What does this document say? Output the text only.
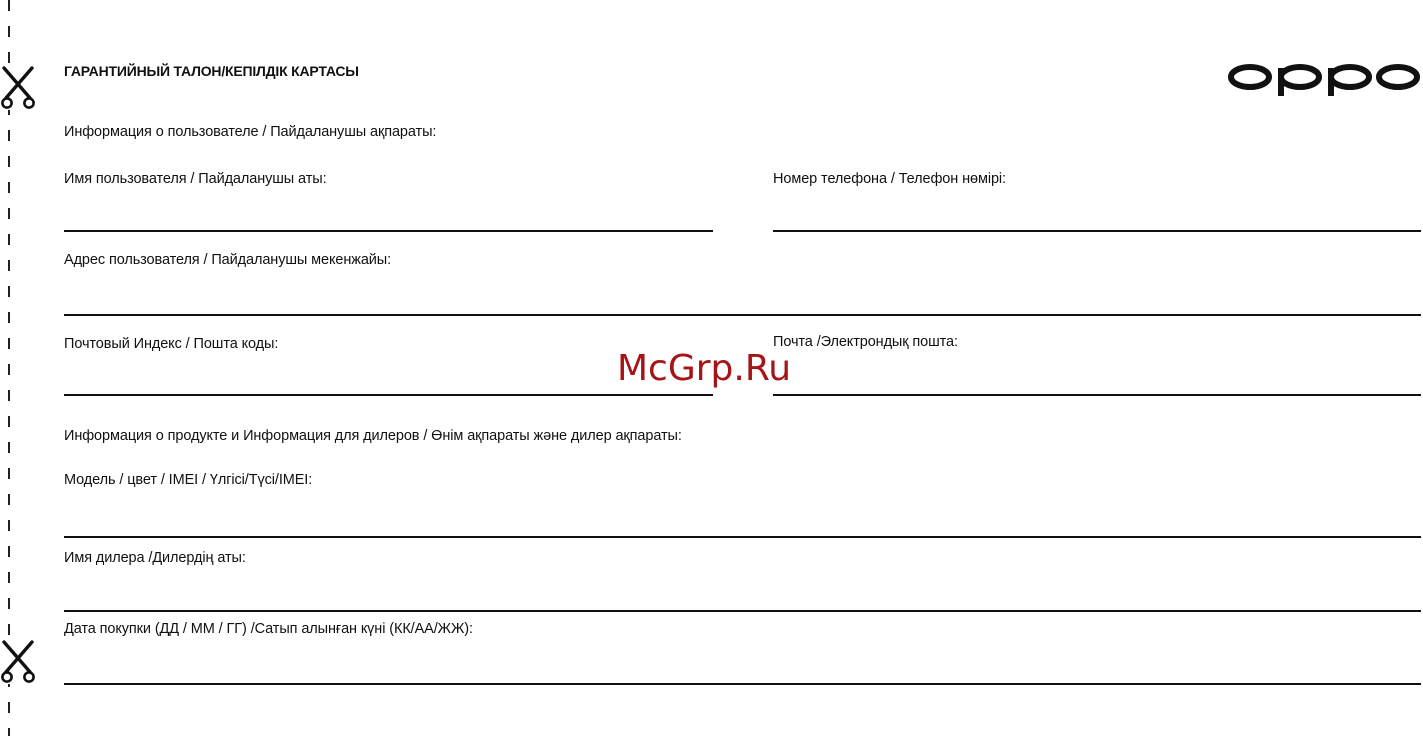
ГАРАНТИЙНЫЙ ТАЛОН/КЕПІЛДІК КАРТАСЫ
oppo
Информация о пользователе / Пайдаланушы ақпараты:
Имя пользователя / Пайдаланушы аты:	Номер телефона / Телефон нөмірі:
Адрес пользователя / Пайдаланушы мекенжайы:
Почтовый Индекс / Пошта коды:	Почта /Электрондық пошта:
Информация о продукте и Информация для дилеров / Өнім ақпараты және дилер ақпараты:
Модель / цвет / IMEI / Үлгісі/Түсі/IMEI:
Имя дилера /Дилердің аты:
Дата покупки (ДД / ММ / ГГ) /Сатып алынған күні (КК/АА/ЖЖ):
McGrp.Ru
